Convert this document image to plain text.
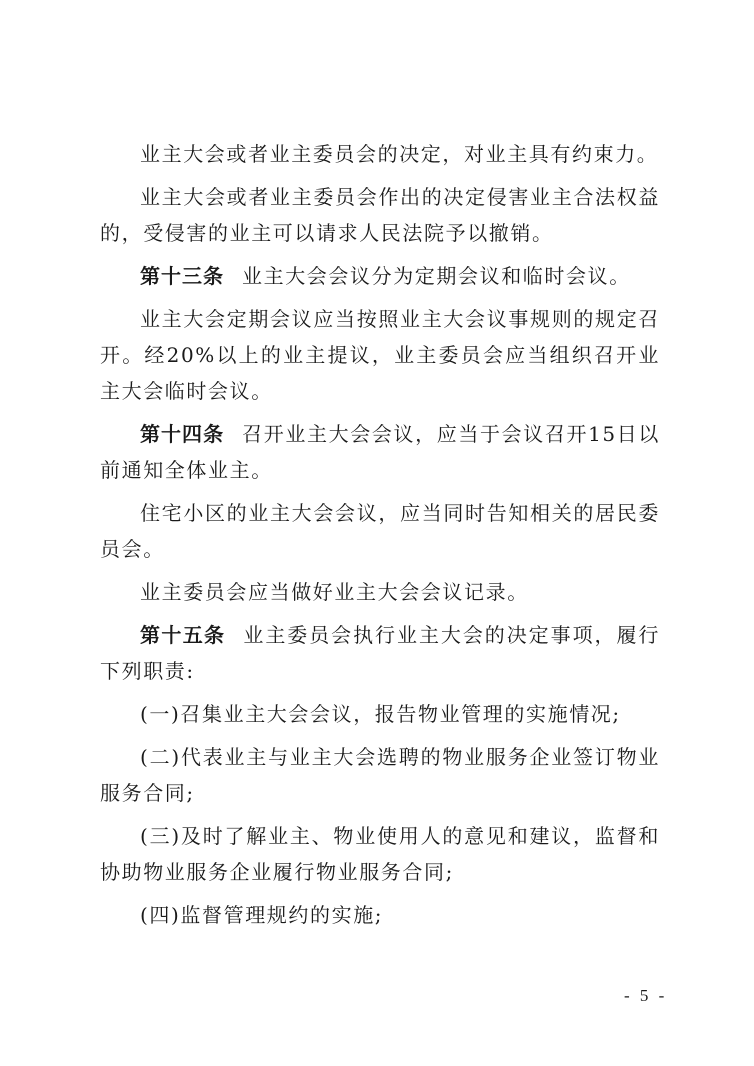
业主大会或者业主委员会的决定，对业主具有约束力。

业主大会或者业主委员会作出的决定侵害业主合法权益的，受侵害的业主可以请求人民法院予以撤销。

第十三条 业主大会会议分为定期会议和临时会议。

业主大会定期会议应当按照业主大会议事规则的规定召开。经20%以上的业主提议，业主委员会应当组织召开业主大会临时会议。

第十四条 召开业主大会会议，应当于会议召开15日以前通知全体业主。

住宅小区的业主大会会议，应当同时告知相关的居民委员会。

业主委员会应当做好业主大会会议记录。

第十五条 业主委员会执行业主大会的决定事项，履行下列职责:

(一)召集业主大会会议，报告物业管理的实施情况;

(二)代表业主与业主大会选聘的物业服务企业签订物业服务合同;

(三)及时了解业主、物业使用人的意见和建议，监督和协助物业服务企业履行物业服务合同;

(四)监督管理规约的实施;

- 5 -
